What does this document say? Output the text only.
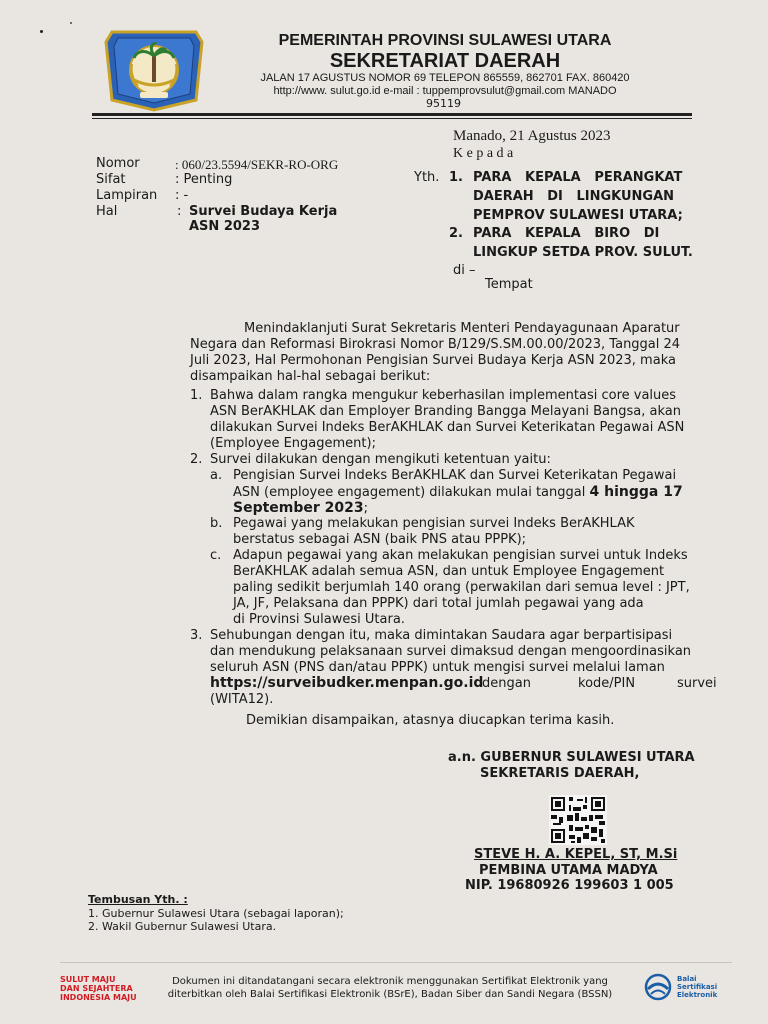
PEMERINTAH PROVINSI SULAWESI UTARA
SEKRETARIAT DAERAH
JALAN 17 AGUSTUS NOMOR 69 TELEPON 865559, 862701 FAX. 860420
http://www. sulut.go.id e-mail : tuppemprovsulut@gmail.com MANADO
95119
Manado, 21 Agustus 2023
K e p a d a
Nomor	: 060/23.5594/SEKR-RO-ORG
Sifat	: Penting
Lampiran : -
Hal	: Survei Budaya Kerja
ASN 2023
Yth. 1. PARA   KEPALA   PERANGKAT
DAERAH   DI   LINGKUNGAN
PEMPROV SULAWESI UTARA;
2. PARA   KEPALA   BIRO   DI
LINGKUP SETDA PROV. SULUT.
di –
Tempat
Menindaklanjuti Surat Sekretaris Menteri Pendayagunaan Aparatur
Negara dan Reformasi Birokrasi Nomor B/129/S.SM.00.00/2023, Tanggal 24
Juli 2023, Hal Permohonan Pengisian Survei Budaya Kerja ASN 2023, maka
disampaikan hal-hal sebagai berikut:
1. Bahwa dalam rangka mengukur keberhasilan implementasi core values
ASN BerAKHLAK dan Employer Branding Bangga Melayani Bangsa, akan
dilakukan Survei Indeks BerAKHLAK dan Survei Keterikatan Pegawai ASN
(Employee Engagement);
2. Survei dilakukan dengan mengikuti ketentuan yaitu:
a. Pengisian Survei Indeks BerAKHLAK dan Survei Keterikatan Pegawai
ASN (employee engagement) dilakukan mulai tanggal 4 hingga 17
September 2023;
b. Pegawai yang melakukan pengisian survei Indeks BerAKHLAK
berstatus sebagai ASN (baik PNS atau PPPK);
c. Adapun pegawai yang akan melakukan pengisian survei untuk Indeks
BerAKHLAK adalah semua ASN, dan untuk Employee Engagement
paling sedikit berjumlah 140 orang (perwakilan dari semua level : JPT,
JA, JF, Pelaksana dan PPPK) dari total jumlah pegawai yang ada
di Provinsi Sulawesi Utara.
3. Sehubungan dengan itu, maka dimintakan Saudara agar berpartisipasi
dan mendukung pelaksanaan survei dimaksud dengan mengoordinasikan
seluruh ASN (PNS dan/atau PPPK) untuk mengisi survei melalui laman
https://surveibudker.menpan.go.id
dengan	kode/PIN	survei
(WITA12).
Demikian disampaikan, atasnya diucapkan terima kasih.
a.n. GUBERNUR SULAWESI UTARA
SEKRETARIS DAERAH,
STEVE H. A. KEPEL, ST, M.Si
PEMBINA UTAMA MADYA
NIP. 19680926 199603 1 005
Tembusan Yth. :
1. Gubernur Sulawesi Utara (sebagai laporan);
2. Wakil Gubernur Sulawesi Utara.
SULUT MAJU
DAN SEJAHTERA
INDONESIA MAJU
Dokumen ini ditandatangani secara elektronik menggunakan Sertifikat Elektronik yang
diterbitkan oleh Balai Sertifikasi Elektronik (BSrE), Badan Siber dan Sandi Negara (BSSN)
Balai
Sertifikasi
Elektronik
